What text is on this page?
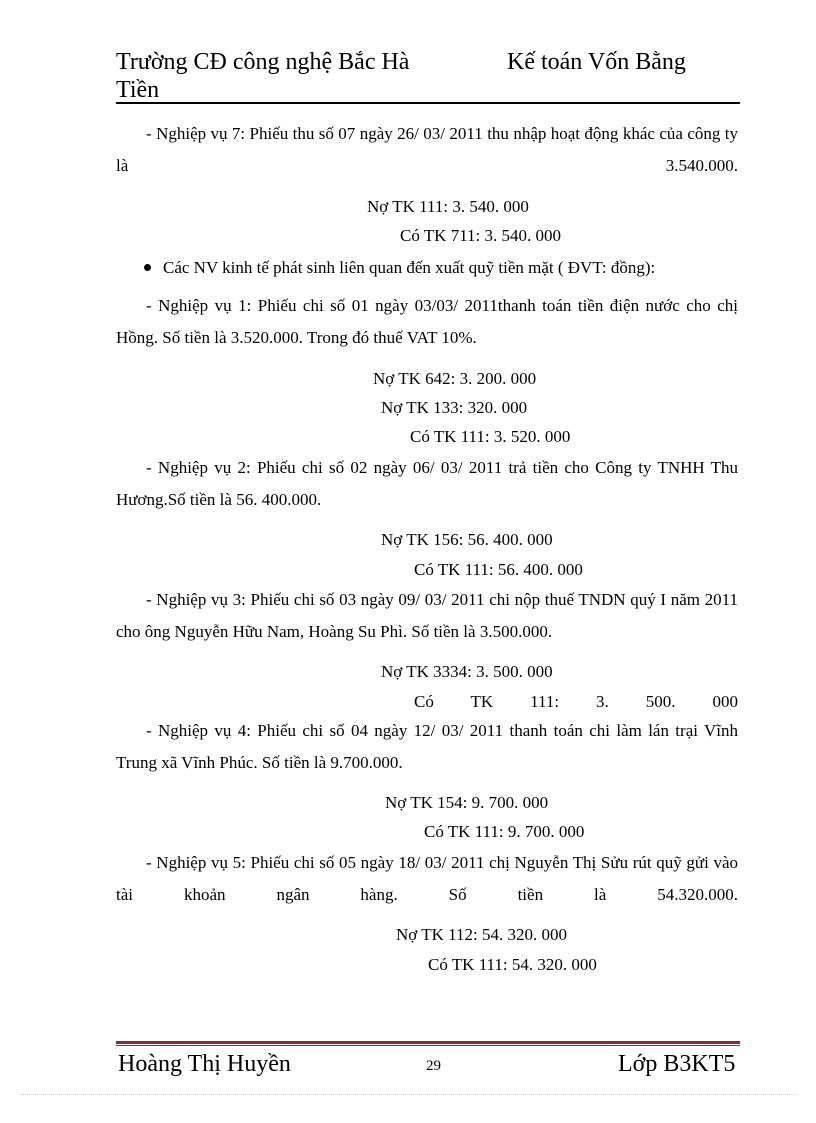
Trường CĐ công nghệ Bắc Hà	Kế toán Vốn Bằng
Tiền
- Nghiệp vụ 7: Phiếu thu số 07 ngày 26/ 03/ 2011 thu nhập hoạt động khác của công ty là 3.540.000.
Nợ TK 111: 3. 540. 000
Có TK 711: 3. 540. 000
Các NV kinh tế phát sinh liên quan đến xuất quỹ tiền mặt ( ĐVT: đồng):
- Nghiệp vụ 1: Phiếu chi số 01 ngày 03/03/ 2011thanh toán tiền điện nước cho chị Hồng. Số tiền là 3.520.000. Trong đó thuế VAT 10%.
Nợ TK 642: 3. 200. 000
Nợ TK 133: 320. 000
Có TK 111: 3. 520. 000
- Nghiệp vụ 2: Phiếu chi số 02 ngày 06/ 03/ 2011 trả tiền cho Công ty TNHH Thu Hương.Số tiền là 56. 400.000.
Nợ TK 156: 56. 400. 000
Có TK 111: 56. 400. 000
- Nghiệp vụ 3: Phiếu chi số 03 ngày 09/ 03/ 2011 chi nộp thuế TNDN quý I năm 2011 cho ông Nguyễn Hữu Nam, Hoàng Su Phì. Số tiền là 3.500.000.
Nợ TK 3334: 3. 500. 000
Có TK 111: 3. 500. 000
- Nghiệp vụ 4: Phiếu chi số 04 ngày 12/ 03/ 2011 thanh toán chi làm lán trại Vĩnh Trung xã Vĩnh Phúc. Số tiền là 9.700.000.
Nợ TK 154: 9. 700. 000
Có TK 111: 9. 700. 000
- Nghiệp vụ 5: Phiếu chi số 05 ngày 18/ 03/ 2011 chị Nguyễn Thị Sửu rút quỹ gửi vào tài khoản ngân hàng. Số tiền là 54.320.000.
Nợ TK 112: 54. 320. 000
Có TK 111: 54. 320. 000
Hoàng Thị Huyền	29	Lớp B3KT5
